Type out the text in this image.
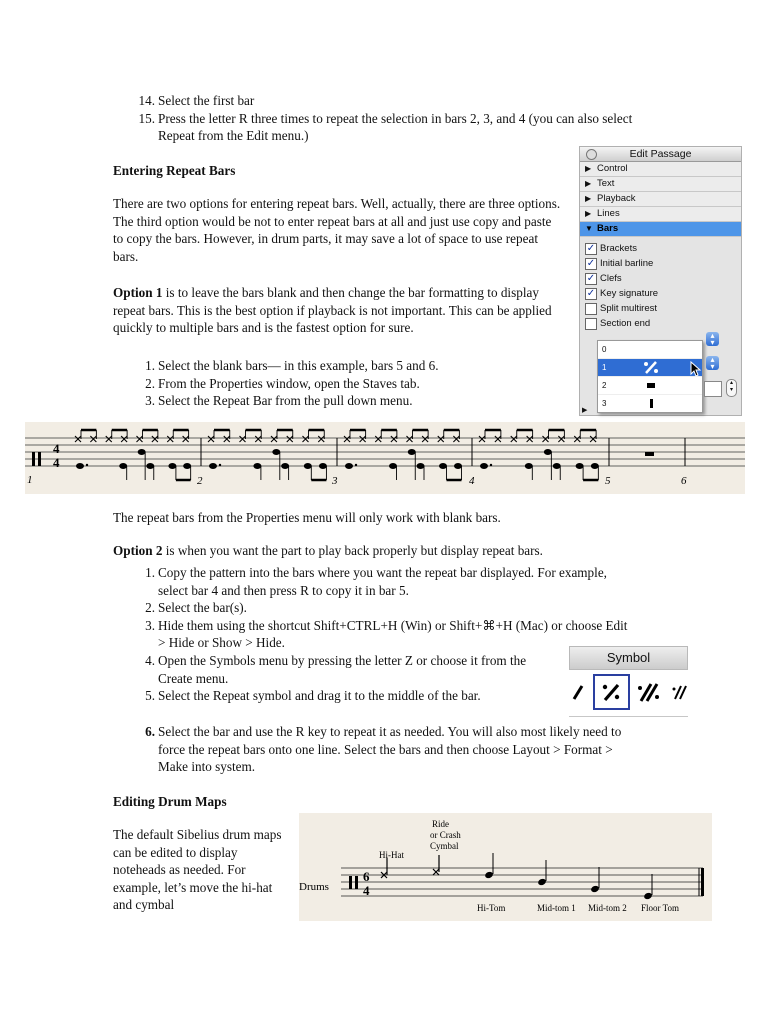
14. Select the first bar
15. Press the letter R three times to repeat the selection in bars 2, 3, and 4 (you can also select Repeat from the Edit menu.)
Entering Repeat Bars

There are two options for entering repeat bars. Well, actually, there are three options. The third option would be not to enter repeat bars at all and just use copy and paste to copy the bars. However, in drum parts, it may save a lot of space to use repeat bars.

Option 1 is to leave the bars blank and then change the bar formatting to display repeat bars. This is the best option if playback is not important. This can be applied quickly to multiple bars and is the fastest option for sure.

1. Select the blank bars— in this example, bars 5 and 6.
2. From the Properties window, open the Staves tab.
3. Select the Repeat Bar from the pull down menu.
Edit Passage
▶ Control
▶ Text
▶ Playback
▶ Lines
▼ Bars
✓ Brackets
✓ Initial barline
✓ Clefs
✓ Key signature
Split multirest
Section end
0
1
2
3
▴
▾
▴
▾
▴
▾
▶
4
4
1	2	3	4	5	6

The repeat bars from the Properties menu will only work with blank bars.

Option 2 is when you want the part to play back properly but display repeat bars.

1. Copy the pattern into the bars where you want the repeat bar displayed. For example, select bar 4 and then press R to copy it in bar 5.
2. Select the bar(s).
3. Hide them using the shortcut Shift+CTRL+H (Win) or Shift+⌘+H (Mac) or choose Edit > Hide or Show > Hide.
4. Open the Symbols menu by pressing the letter Z or choose it from the Create menu.
5. Select the Repeat symbol and drag it to the middle of the bar.
6. Select the bar and use the R key to repeat it as needed. You will also most likely need to force the repeat bars onto one line. Select the bars and then choose Layout > Format > Make into system.
Symbol
Editing Drum Maps

The default Sibelius drum maps can be edited to display noteheads as needed. For example, let’s move the hi-hat and cymbal

Drums
6
4
Hi-Hat
Ride
or Crash
Cymbal
Hi-Tom	Mid-tom 1 Mid-tom 2 Floor Tom
